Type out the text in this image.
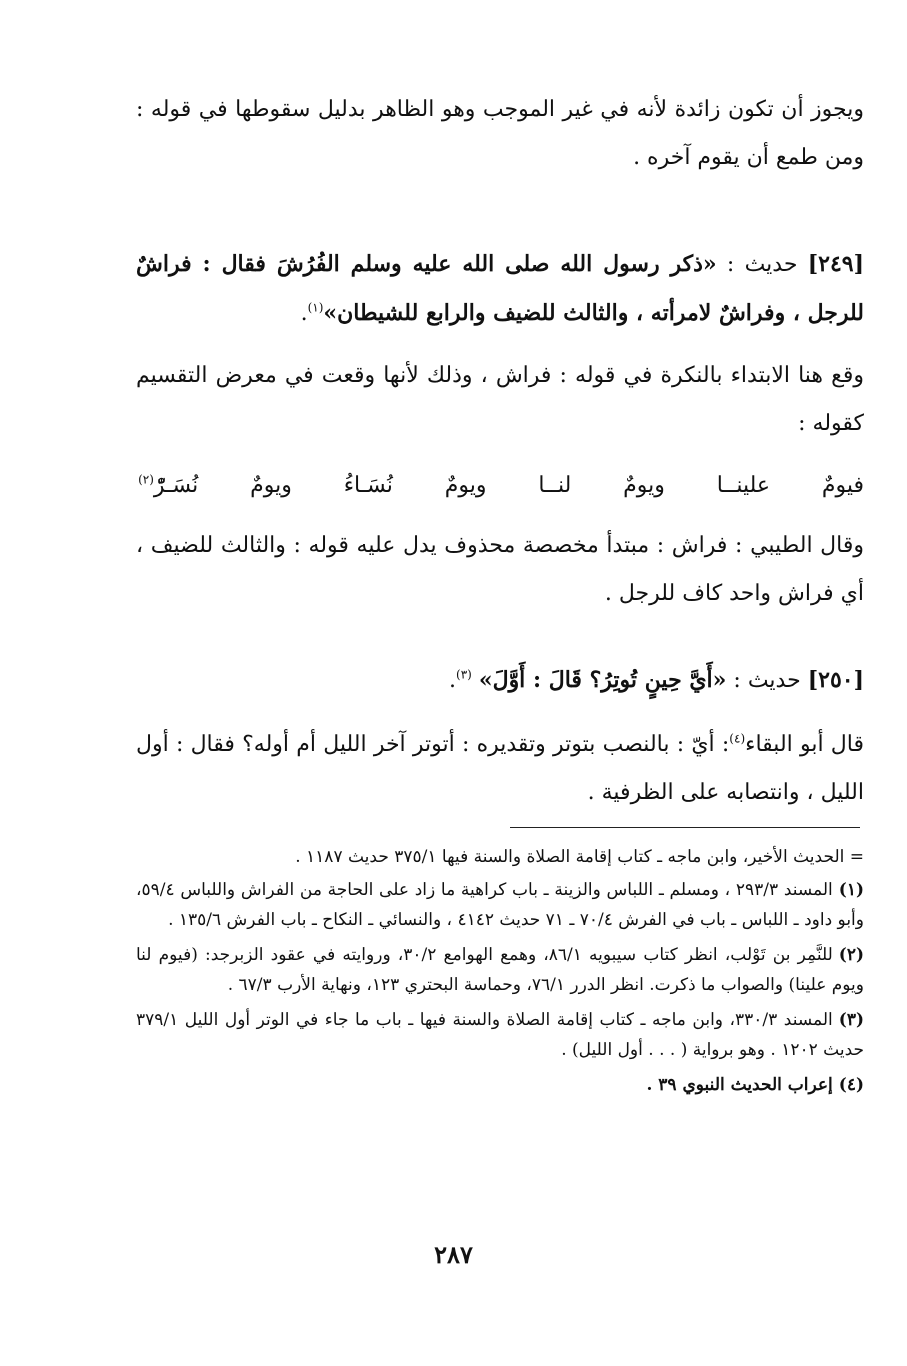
ويجوز أن تكون زائدة لأنه في غير الموجب وهو الظاهر بدليل سقوطها في قوله : ومن طمع أن يقوم آخره .

[٢٤٩] حديث : «ذكر رسول الله صلى الله عليه وسلم الفُرُشَ فقال : فراشٌ للرجل ، وفراشٌ لامرأته ، والثالث للضيف والرابع للشيطان»$^{(١)}$.

وقع هنا الابتداء بالنكرة في قوله : فراش ، وذلك لأنها وقعت في معرض التقسيم كقوله :

فيومٌ
علينــا
ويومٌ
لنــا
ويومٌ
نُسَـاءُ
ويومٌ
نُسَـرّْ$^{(٢)}$

وقال الطيبي : فراش : مبتدأ مخصصة محذوف يدل عليه قوله : والثالث للضيف ، أي فراش واحد كاف للرجل .

[٢٥٠] حديث : «أَيَّ حِينٍ تُوتِرُ؟ قَالَ : أَوَّلَ» $^{(٣)}$.

قال أبو البقاء$^{(٤)}$: أيّ : بالنصب بتوتر وتقديره : أتوتر آخر الليل أم أوله؟ فقال : أول الليل ، وانتصابه على الظرفية .

= الحديث الأخير، وابن ماجه ـ كتاب إقامة الصلاة والسنة فيها ٣٧٥/١ حديث ١١٨٧ .

(١)المسند ٢٩٣/٣ ، ومسلم ـ اللباس والزينة ـ باب كراهية ما زاد على الحاجة من الفراش واللباس ٥٩/٤، وأبو داود ـ اللباس ـ باب في الفرش ٧٠/٤ ـ ٧١ حديث ٤١٤٢ ، والنسائي ـ النكاح ـ باب الفرش ١٣٥/٦ .

(٢)للنَّمِر بن تَوْلب، انظر كتاب سيبويه ٨٦/١، وهمع الهوامع ٣٠/٢، وروايته في عقود الزبرجد: (فيوم لنا ويوم علينا) والصواب ما ذكرت. انظر الدرر ٧٦/١، وحماسة البحتري ١٢٣، ونهاية الأرب ٦٧/٣ .

(٣)المسند ٣٣٠/٣، وابن ماجه ـ كتاب إقامة الصلاة والسنة فيها ـ باب ما جاء في الوتر أول الليل ٣٧٩/١ حديث ١٢٠٢ . وهو برواية ( . . . أول الليل) .

(٤)إعراب الحديث النبوي ٣٩ .

٢٨٧
